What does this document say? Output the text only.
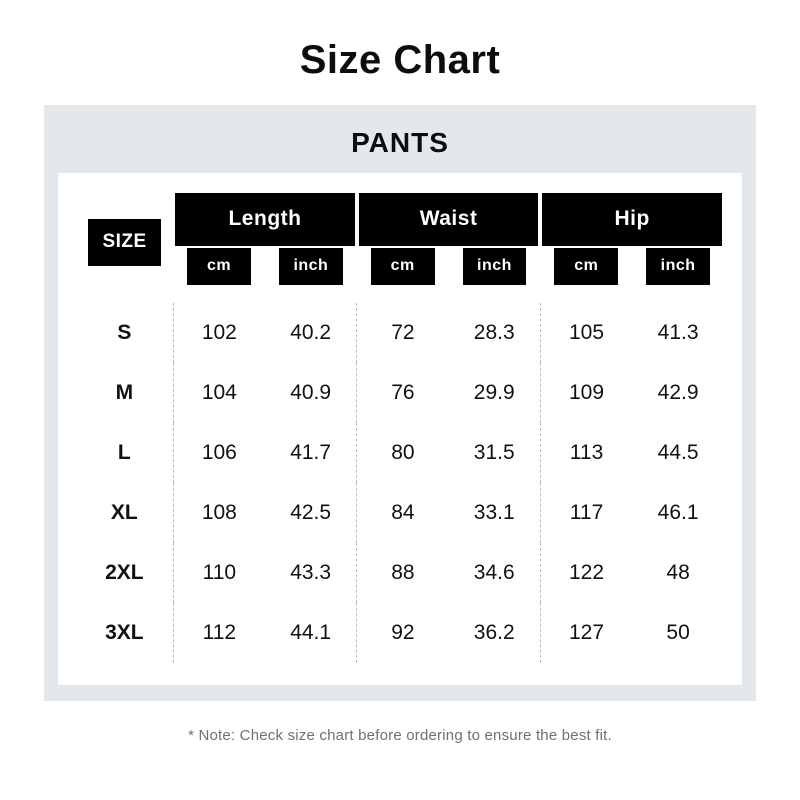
Size Chart
PANTS
SIZE	Length		Waist		Hip	

	cm	inch	cm	inch	cm	inch

S	102	40.2	72	28.3	105	41.3
M	104	40.9	76	29.9	109	42.9
L	106	41.7	80	31.5	113	44.5
XL	108	42.5	84	33.1	117	46.1
2XL	110	43.3	88	34.6	122	48
3XL	112	44.1	92	36.2	127	50
* Note: Check size chart before ordering to ensure the best fit.
